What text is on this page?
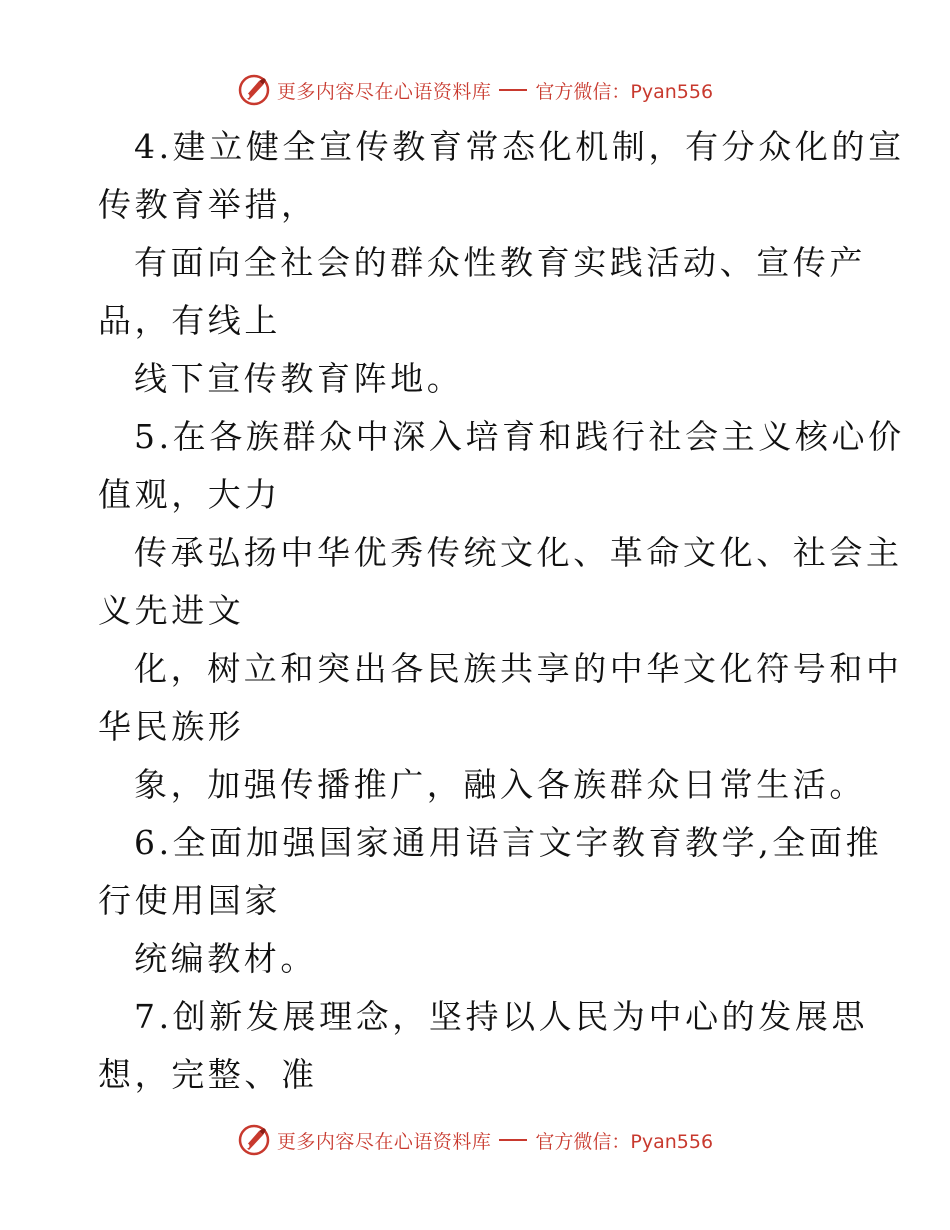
更多内容尽在心语资料库 官方微信：Pyan556
4.建立健全宣传教育常态化机制，有分众化的宣
传教育举措，
有面向全社会的群众性教育实践活动、宣传产
品，有线上
线下宣传教育阵地。
5.在各族群众中深入培育和践行社会主义核心价
值观，大力
传承弘扬中华优秀传统文化、革命文化、社会主
义先进文
化，树立和突出各民族共享的中华文化符号和中
华民族形
象，加强传播推广，融入各族群众日常生活。
6.全面加强国家通用语言文字教育教学,全面推
行使用国家
统编教材。
7.创新发展理念，坚持以人民为中心的发展思
想，完整、准
更多内容尽在心语资料库 官方微信：Pyan556
